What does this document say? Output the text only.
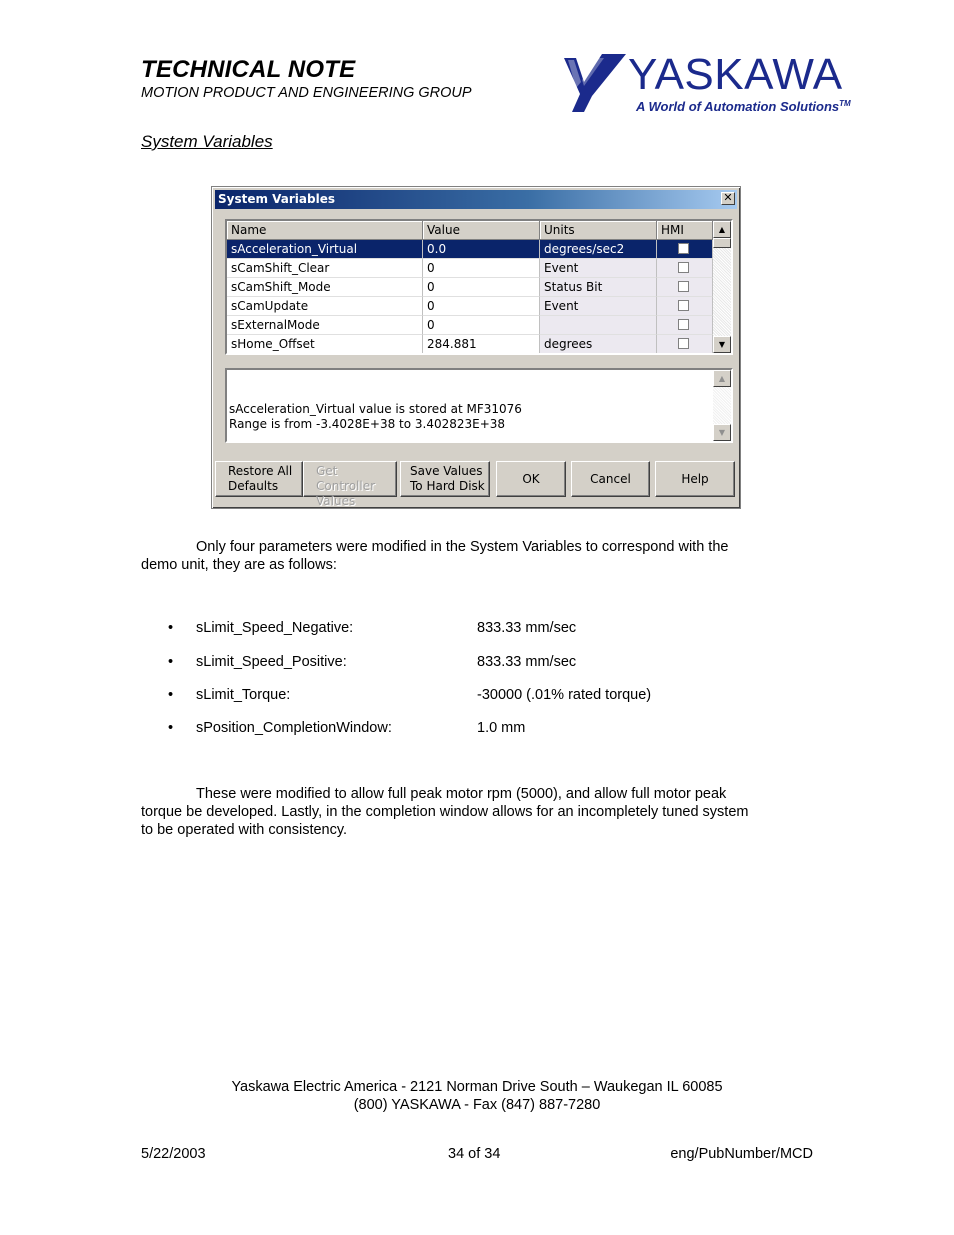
TECHNICAL NOTE
MOTION PRODUCT AND ENGINEERING GROUP	YASKAWA
A World of Automation Solutions™
System Variables
System Variables	✕
Name	Value	Units	HMI
sAcceleration_Virtual	0.0	degrees/sec2
sCamShift_Clear	0	Event
sCamShift_Mode	0	Status Bit
sCamUpdate	0	Event
sExternalMode	0
sHome_Offset	284.881	degrees
▲
▼
sAcceleration_Virtual value is stored at MF31076
Range is from -3.4028E+38 to 3.402823E+38
▲
▼
Restore All
Defaults
Get Controller
Values
Save Values
To Hard Disk	OK	Cancel	Help
Only four parameters were modified in the System Variables to correspond with the
demo unit, they are as follows:
• sLimit_Speed_Negative:	833.33 mm/sec
• sLimit_Speed_Positive:	833.33 mm/sec
• sLimit_Torque:	-30000 (.01% rated torque)
• sPosition_CompletionWindow:	1.0 mm
These were modified to allow full peak motor rpm (5000), and allow full motor peak
torque be developed. Lastly, in the completion window allows for an incompletely tuned system
to be operated with consistency.
Yaskawa Electric America - 2121 Norman Drive South – Waukegan IL 60085
(800) YASKAWA - Fax (847) 887-7280
5/22/2003	34 of 34	eng/PubNumber/MCD
